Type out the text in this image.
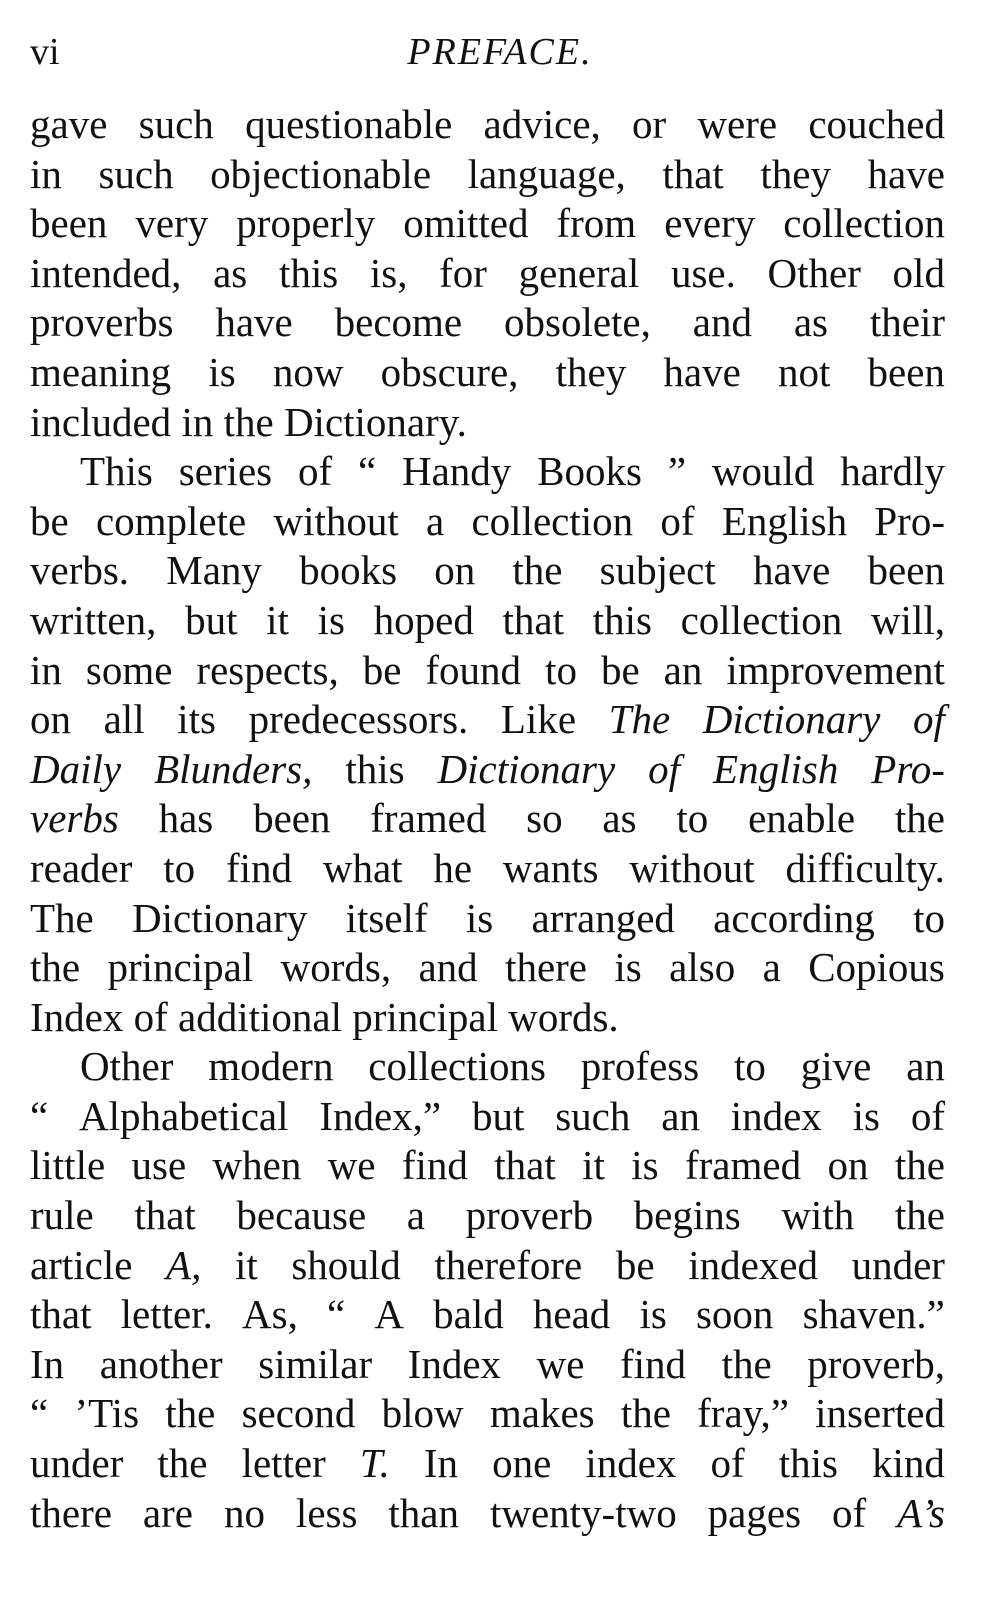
vi	PREFACE.
gave such questionable advice, or were couched
in such objectionable language, that they have
been very properly omitted from every collection
intended, as this is, for general use. Other old
proverbs have become obsolete, and as their
meaning is now obscure, they have not been
included in the Dictionary.
This series of “ Handy Books ” would hardly
be complete without a collection of English Pro-
verbs. Many books on the subject have been
written, but it is hoped that this collection will,
in some respects, be found to be an improvement
on all its predecessors. Like The Dictionary of
Daily Blunders, this Dictionary of English Pro-
verbs has been framed so as to enable the
reader to find what he wants without difficulty.
The Dictionary itself is arranged according to
the principal words, and there is also a Copious
Index of additional principal words.
Other modern collections profess to give an
“ Alphabetical Index,” but such an index is of
little use when we find that it is framed on the
rule that because a proverb begins with the
article A, it should therefore be indexed under
that letter. As, “ A bald head is soon shaven.”
In another similar Index we find the proverb,
“ ’Tis the second blow makes the fray,” inserted
under the letter T. In one index of this kind
there are no less than twenty-two pages of A’s
